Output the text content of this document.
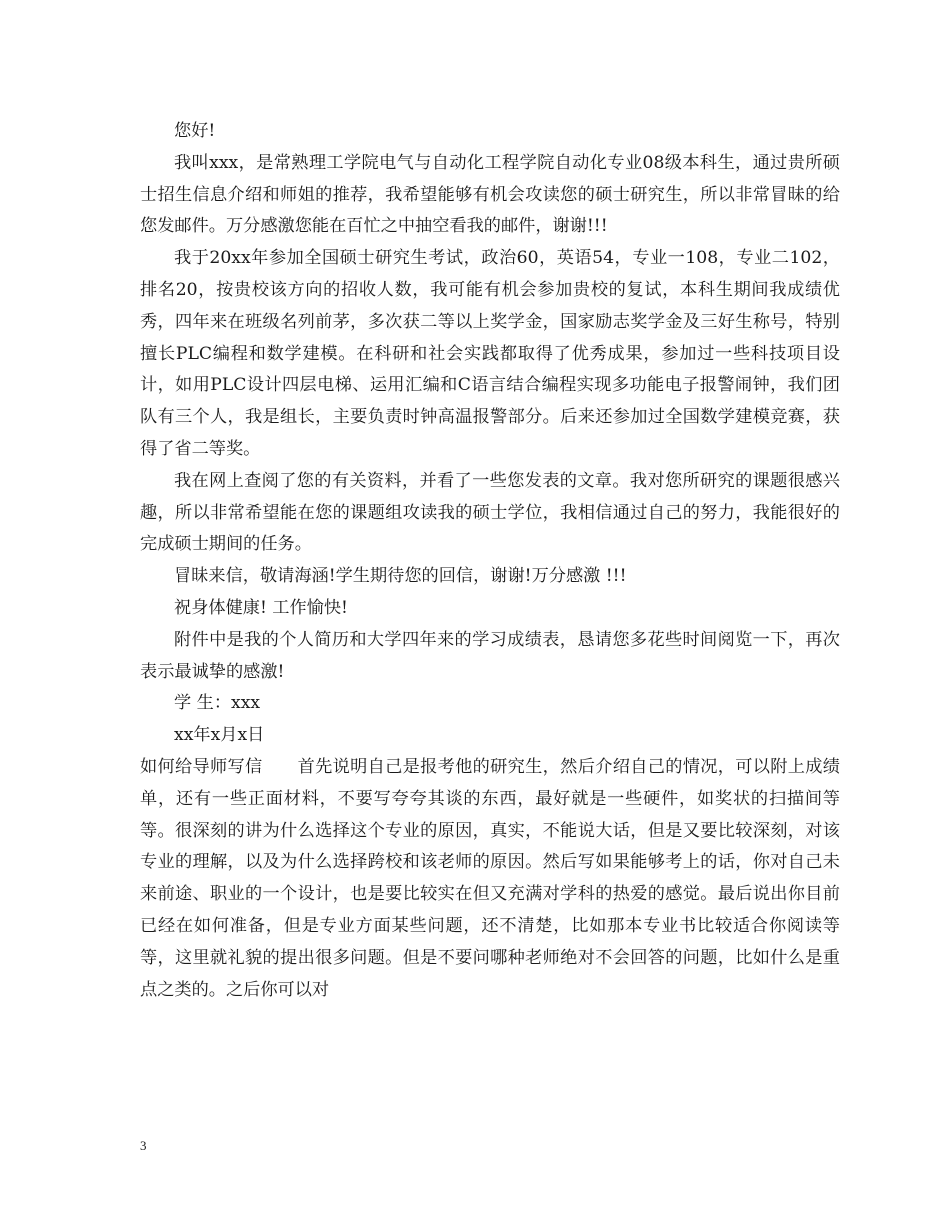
您好!

我叫xxx，是常熟理工学院电气与自动化工程学院自动化专业08级本科生，通过贵所硕士招生信息介绍和师姐的推荐，我希望能够有机会攻读您的硕士研究生，所以非常冒昧的给您发邮件。万分感激您能在百忙之中抽空看我的邮件，谢谢!!!

我于20xx年参加全国硕士研究生考试，政治60，英语54，专业一108，专业二102，排名20，按贵校该方向的招收人数，我可能有机会参加贵校的复试，本科生期间我成绩优秀，四年来在班级名列前茅，多次获二等以上奖学金，国家励志奖学金及三好生称号，特别擅长PLC编程和数学建模。在科研和社会实践都取得了优秀成果，参加过一些科技项目设计，如用PLC设计四层电梯、运用汇编和C语言结合编程实现多功能电子报警闹钟，我们团队有三个人，我是组长，主要负责时钟高温报警部分。后来还参加过全国数学建模竞赛，获得了省二等奖。

我在网上查阅了您的有关资料，并看了一些您发表的文章。我对您所研究的课题很感兴趣，所以非常希望能在您的课题组攻读我的硕士学位，我相信通过自己的努力，我能很好的完成硕士期间的任务。

冒昧来信，敬请海涵!学生期待您的回信，谢谢!万分感激 !!!

祝身体健康! 工作愉快!

附件中是我的个人简历和大学四年来的学习成绩表，恳请您多花些时间阅览一下，再次表示最诚挚的感激!

学 生：xxx

xx年x月x日

如何给导师写信　　 首先说明自己是报考他的研究生，然后介绍自己的情况，可以附上成绩单，还有一些正面材料，不要写夸夸其谈的东西，最好就是一些硬件，如奖状的扫描间等等。很深刻的讲为什么选择这个专业的原因，真实，不能说大话，但是又要比较深刻，对该专业的理解，以及为什么选择跨校和该老师的原因。然后写如果能够考上的话，你对自己未来前途、职业的一个设计，也是要比较实在但又充满对学科的热爱的感觉。最后说出你目前已经在如何准备，但是专业方面某些问题，还不清楚，比如那本专业书比较适合你阅读等等，这里就礼貌的提出很多问题。但是不要问哪种老师绝对不会回答的问题，比如什么是重点之类的。之后你可以对

3
